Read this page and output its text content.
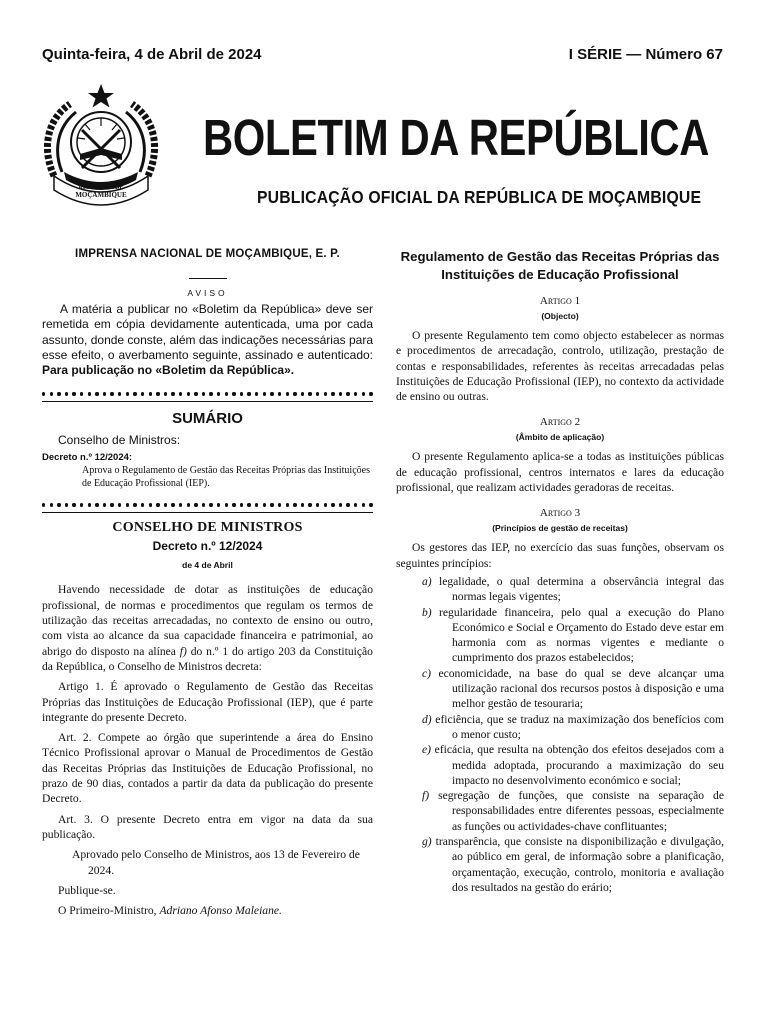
Quinta-feira, 4 de Abril de 2024	I SÉRIE — Número 67
REPÚBLICA DE
MOÇAMBIQUE
BOLETIM DA REPÚBLICA
PUBLICAÇÃO OFICIAL DA REPÚBLICA DE MOÇAMBIQUE

IMPRENSA NACIONAL DE MOÇAMBIQUE, E. P.

AVISO

A matéria a publicar no «Boletim da República» deve ser remetida em cópia devidamente autenticada, uma por cada assunto, donde conste, além das indicações necessárias para esse efeito, o averbamento seguinte, assinado e autenticado: Para publicação no «Boletim da República».

SUMÁRIO

Conselho de Ministros:

Decreto n.º 12/2024:

Aprova o Regulamento de Gestão das Receitas Próprias das Instituições de Educação Profissional (IEP).

CONSELHO DE MINISTROS

Decreto n.º 12/2024

de 4 de Abril

Havendo necessidade de dotar as instituições de educação profissional, de normas e procedimentos que regulam os termos de utilização das receitas arrecadadas, no contexto de ensino ou outro, com vista ao alcance da sua capacidade financeira e patrimonial, ao abrigo do disposto na alínea f) do n.º 1 do artigo 203 da Constituição da República, o Conselho de Ministros decreta:

Artigo 1. É aprovado o Regulamento de Gestão das Receitas Próprias das Instituições de Educação Profissional (IEP), que é parte integrante do presente Decreto.

Art. 2. Compete ao órgão que superintende a área do Ensino Técnico Profissional aprovar o Manual de Procedimentos de Gestão das Receitas Próprias das Instituições de Educação Profissional, no prazo de 90 dias, contados a partir da data da publicação do presente Decreto.

Art. 3. O presente Decreto entra em vigor na data da sua publicação.

Aprovado pelo Conselho de Ministros, aos 13 de Fevereiro de 2024.

Publique-se.

O Primeiro-Ministro, Adriano Afonso Maleiane.

Regulamento de Gestão das Receitas Próprias das Instituições de Educação Profissional

Artigo 1

(Objecto)

O presente Regulamento tem como objecto estabelecer as normas e procedimentos de arrecadação, controlo, utilização, prestação de contas e responsabilidades, referentes às receitas arrecadadas pelas Instituições de Educação Profissional (IEP), no contexto da actividade de ensino ou outras.

Artigo 2

(Âmbito de aplicação)

O presente Regulamento aplica-se a todas as instituições públicas de educação profissional, centros internatos e lares da educação profissional, que realizam actividades geradoras de receitas.

Artigo 3

(Princípios de gestão de receitas)

Os gestores das IEP, no exercício das suas funções, observam os seguintes princípios:

a) legalidade, o qual determina a observância integral das normas legais vigentes;
b) regularidade financeira, pelo qual a execução do Plano Económico e Social e Orçamento do Estado deve estar em harmonia com as normas vigentes e mediante o cumprimento dos prazos estabelecidos;
c) economicidade, na base do qual se deve alcançar uma utilização racional dos recursos postos à disposição e uma melhor gestão de tesouraria;
d) eficiência, que se traduz na maximização dos benefícios com o menor custo;
e) eficácia, que resulta na obtenção dos efeitos desejados com a medida adoptada, procurando a maximização do seu impacto no desenvolvimento económico e social;
f) segregação de funções, que consiste na separação de responsabilidades entre diferentes pessoas, especialmente as funções ou actividades-chave conflituantes;
g) transparência, que consiste na disponibilização e divulgação, ao público em geral, de informação sobre a planificação, orçamentação, execução, controlo, monitoria e avaliação dos resultados na gestão do erário;
